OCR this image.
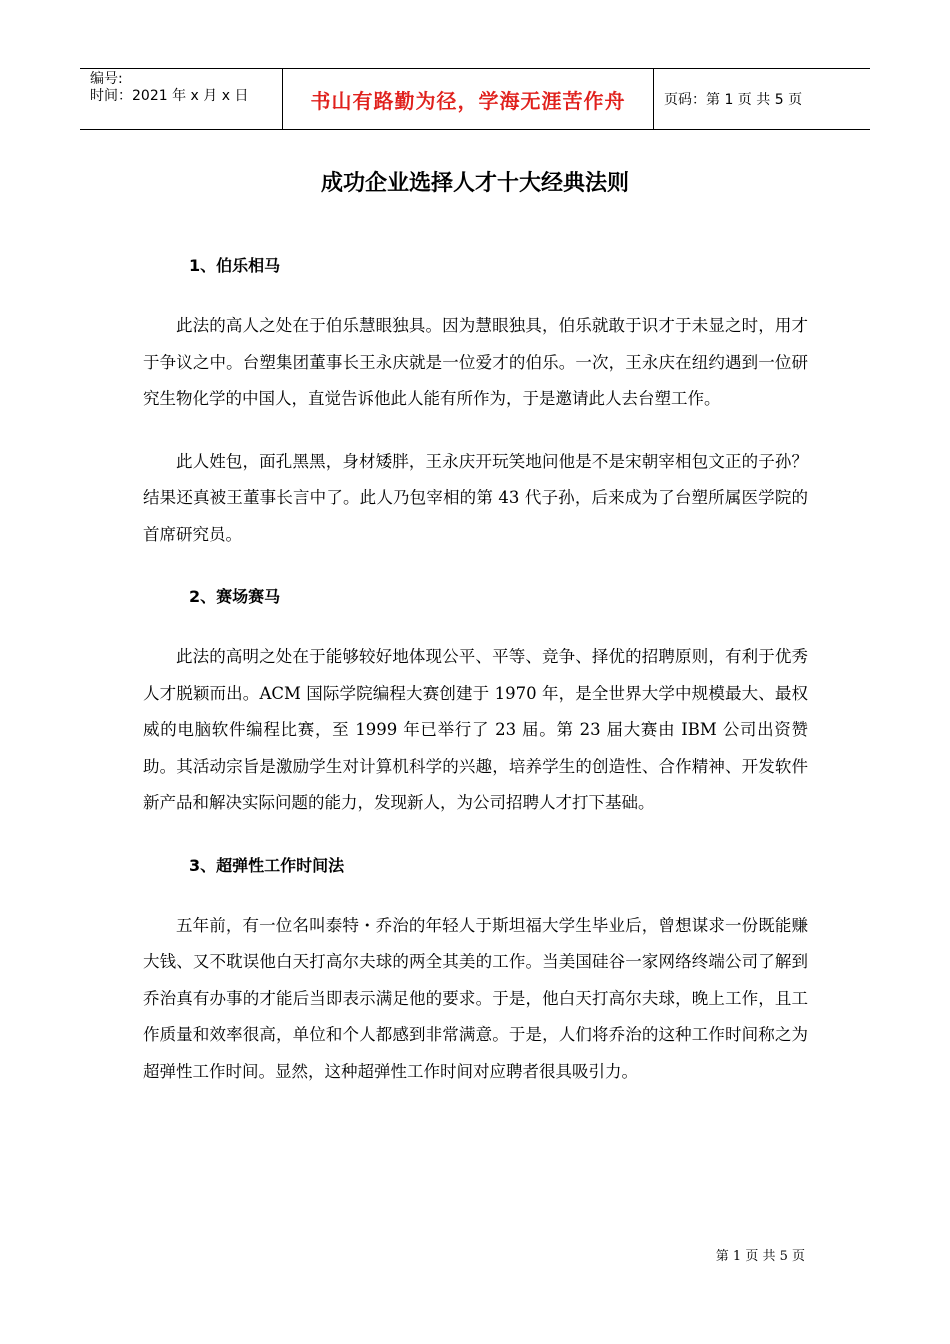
编号:
时间：2021 年 x 月 x 日	书山有路勤为径，学海无涯苦作舟	页码：第 1 页 共 5 页
成功企业选择人才十大经典法则
1、伯乐相马

此法的高人之处在于伯乐慧眼独具。因为慧眼独具，伯乐就敢于识才于未显之时，用才于争议之中。台塑集团董事长王永庆就是一位爱才的伯乐。一次，王永庆在纽约遇到一位研究生物化学的中国人，直觉告诉他此人能有所作为，于是邀请此人去台塑工作。

此人姓包，面孔黑黑，身材矮胖，王永庆开玩笑地问他是不是宋朝宰相包文正的子孙？结果还真被王董事长言中了。此人乃包宰相的第 43 代子孙，后来成为了台塑所属医学院的首席研究员。

2、赛场赛马

此法的高明之处在于能够较好地体现公平、平等、竞争、择优的招聘原则，有利于优秀人才脱颖而出。ACM 国际学院编程大赛创建于 1970 年，是全世界大学中规模最大、最权威的电脑软件编程比赛，至 1999 年已举行了 23 届。第 23 届大赛由 IBM 公司出资赞助。其活动宗旨是激励学生对计算机科学的兴趣，培养学生的创造性、合作精神、开发软件新产品和解决实际问题的能力，发现新人，为公司招聘人才打下基础。

3、超弹性工作时间法

五年前，有一位名叫泰特・乔治的年轻人于斯坦福大学生毕业后，曾想谋求一份既能赚大钱、又不耽误他白天打高尔夫球的两全其美的工作。当美国硅谷一家网络终端公司了解到乔治真有办事的才能后当即表示满足他的要求。于是，他白天打高尔夫球，晚上工作，且工作质量和效率很高，单位和个人都感到非常满意。于是，人们将乔治的这种工作时间称之为超弹性工作时间。显然，这种超弹性工作时间对应聘者很具吸引力。

第 1 页 共 5 页
